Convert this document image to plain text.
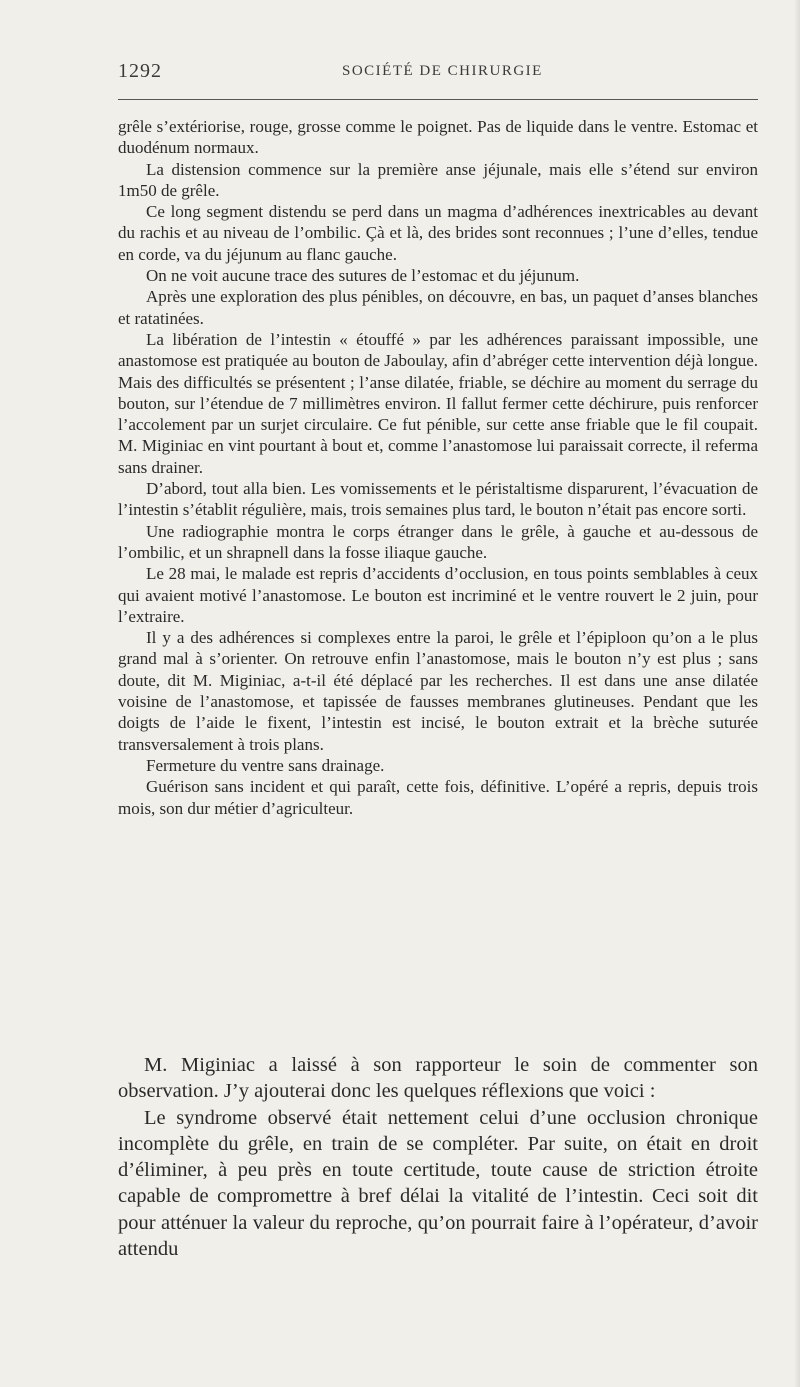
1292	SOCIÉTÉ DE CHIRURGIE

grêle s’extériorise, rouge, grosse comme le poignet. Pas de liquide dans le ventre. Estomac et duodénum normaux.

La distension commence sur la première anse jéjunale, mais elle s’étend sur environ 1m50 de grêle.

Ce long segment distendu se perd dans un magma d’adhérences inextricables au devant du rachis et au niveau de l’ombilic. Çà et là, des brides sont reconnues ; l’une d’elles, tendue en corde, va du jéjunum au flanc gauche.

On ne voit aucune trace des sutures de l’estomac et du jéjunum.

Après une exploration des plus pénibles, on découvre, en bas, un paquet d’anses blanches et ratatinées.

La libération de l’intestin « étouffé » par les adhérences paraissant impossible, une anastomose est pratiquée au bouton de Jaboulay, afin d’abréger cette intervention déjà longue. Mais des difficultés se présentent ; l’anse dilatée, friable, se déchire au moment du serrage du bouton, sur l’étendue de 7 millimètres environ. Il fallut fermer cette déchirure, puis renforcer l’accolement par un surjet circulaire. Ce fut pénible, sur cette anse friable que le fil coupait. M. Miginiac en vint pourtant à bout et, comme l’anastomose lui paraissait correcte, il referma sans drainer.

D’abord, tout alla bien. Les vomissements et le péristaltisme disparurent, l’évacuation de l’intestin s’établit régulière, mais, trois semaines plus tard, le bouton n’était pas encore sorti.

Une radiographie montra le corps étranger dans le grêle, à gauche et au-dessous de l’ombilic, et un shrapnell dans la fosse iliaque gauche.

Le 28 mai, le malade est repris d’accidents d’occlusion, en tous points semblables à ceux qui avaient motivé l’anastomose. Le bouton est incriminé et le ventre rouvert le 2 juin, pour l’extraire.

Il y a des adhérences si complexes entre la paroi, le grêle et l’épiploon qu’on a le plus grand mal à s’orienter. On retrouve enfin l’anastomose, mais le bouton n’y est plus ; sans doute, dit M. Miginiac, a-t-il été déplacé par les recherches. Il est dans une anse dilatée voisine de l’anastomose, et tapissée de fausses membranes glutineuses. Pendant que les doigts de l’aide le fixent, l’intestin est incisé, le bouton extrait et la brèche suturée transversalement à trois plans.

Fermeture du ventre sans drainage.

Guérison sans incident et qui paraît, cette fois, définitive. L’opéré a repris, depuis trois mois, son dur métier d’agriculteur.

M. Miginiac a laissé à son rapporteur le soin de commenter son observation. J’y ajouterai donc les quelques réflexions que voici :

Le syndrome observé était nettement celui d’une occlusion chronique incomplète du grêle, en train de se compléter. Par suite, on était en droit d’éliminer, à peu près en toute certitude, toute cause de striction étroite capable de compromettre à bref délai la vitalité de l’intestin. Ceci soit dit pour atténuer la valeur du reproche, qu’on pourrait faire à l’opérateur, d’avoir attendu
